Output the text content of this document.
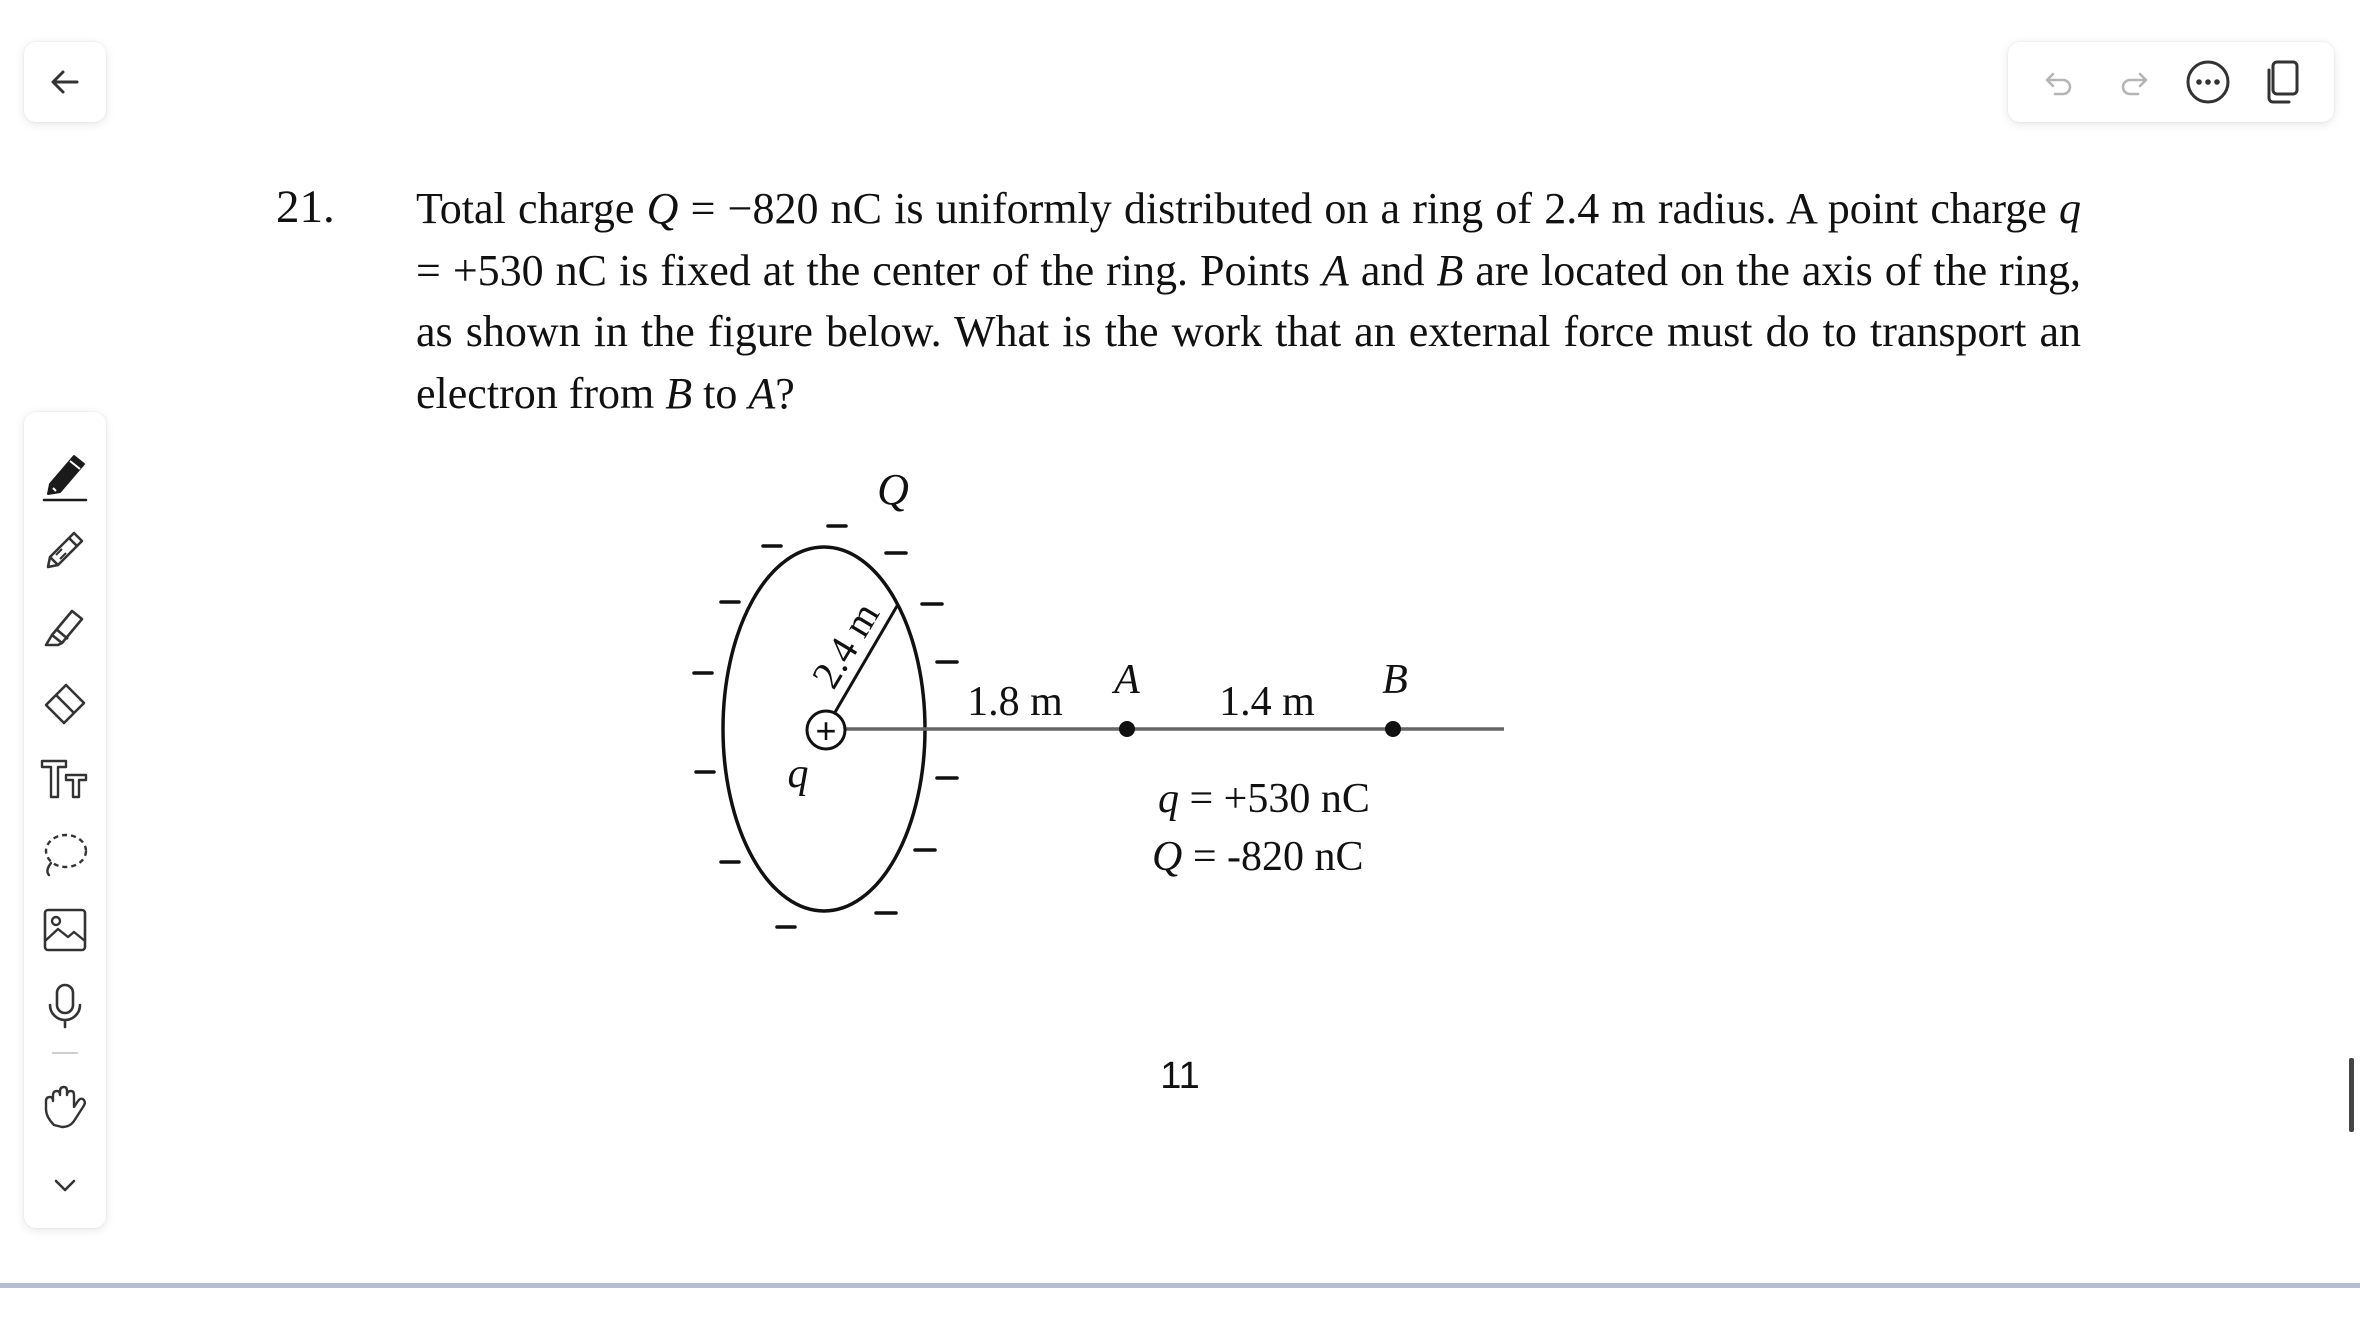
21. Total charge Q = −820 nC is uniformly distributed on a ring of 2.4 m radius. A point charge q = +530 nC is fixed at the center of the ring. Points A and B are located on the axis of the ring, as shown in the figure below. What is the work that an external force must do to transport an electron from B to A?
+
Q
q
A	B
2.4 m
1.8 m	1.4 m
q = +530 nC
Q = -820 nC
11
